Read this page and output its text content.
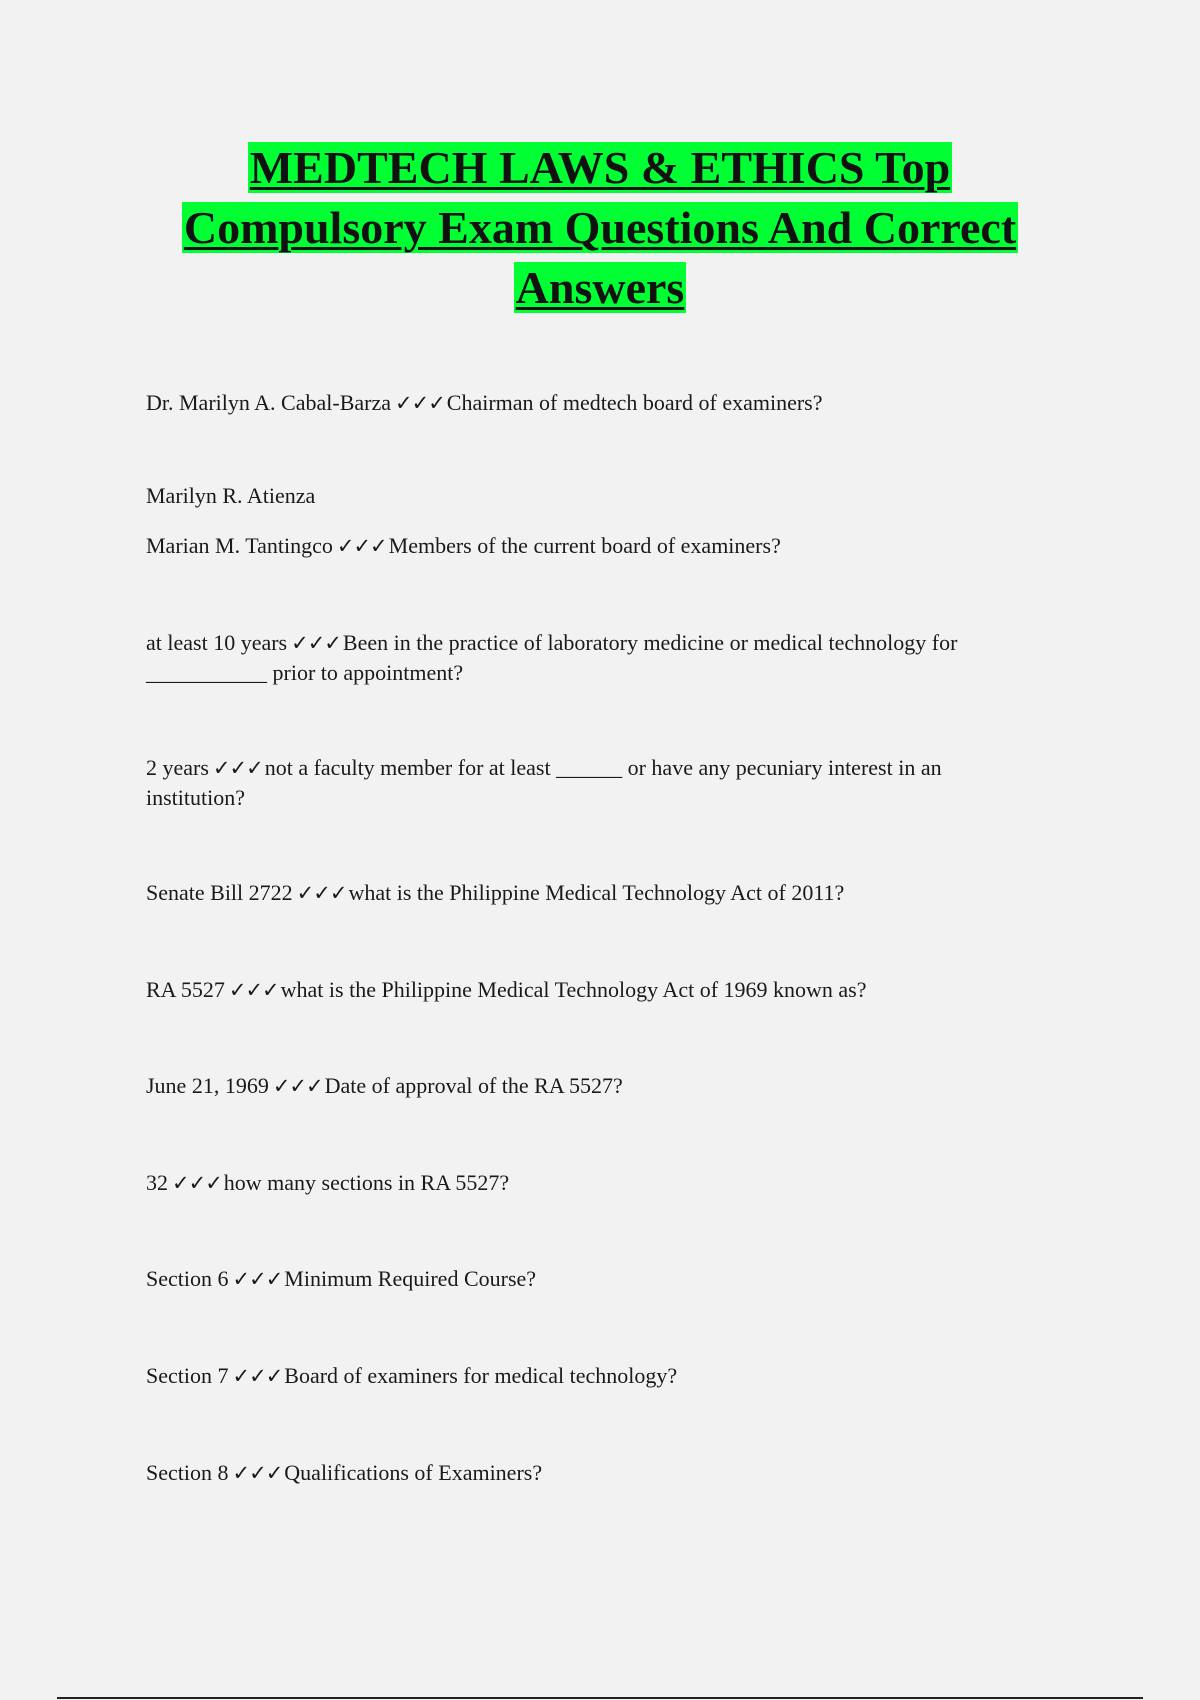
MEDTECH LAWS & ETHICS Top Compulsory Exam Questions And Correct Answers

Dr. Marilyn A. Cabal-Barza ✓✓✓Chairman of medtech board of examiners?

Marilyn R. Atienza

Marian M. Tantingco ✓✓✓Members of the current board of examiners?

at least 10 years ✓✓✓Been in the practice of laboratory medicine or medical technology for ___________ prior to appointment?

2 years ✓✓✓not a faculty member for at least ______ or have any pecuniary interest in an institution?

Senate Bill 2722 ✓✓✓what is the Philippine Medical Technology Act of 2011?

RA 5527 ✓✓✓what is the Philippine Medical Technology Act of 1969 known as?

June 21, 1969 ✓✓✓Date of approval of the RA 5527?

32 ✓✓✓how many sections in RA 5527?

Section 6 ✓✓✓Minimum Required Course?

Section 7 ✓✓✓Board of examiners for medical technology?

Section 8 ✓✓✓Qualifications of Examiners?
